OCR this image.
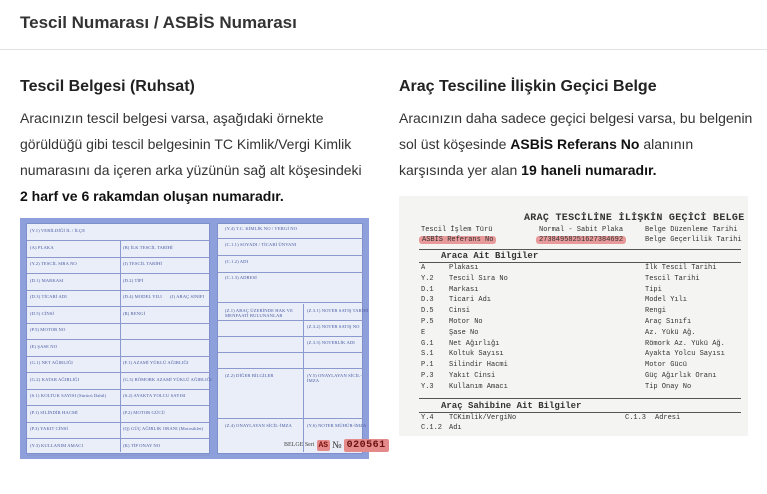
Tescil Numarası / ASBİS Numarası
Tescil Belgesi (Ruhsat)

Aracınızın tescil belgesi varsa, aşağıdaki örnekte
görüldüğü gibi tescil belgesinin TC Kimlik/Vergi Kimlik
numarasını da içeren arka yüzünün sağ alt köşesindeki
2 harf ve 6 rakamdan oluşan numaradır.

(Y.1) VERİLDİĞİ İL / İLÇE
(A) PLAKA	(B) İLK TESCİL TARİHİ
(Y.2) TESCİL SIRA NO	(I) TESCİL TARİHİ
(D.1) MARKASI	(D.2) TİPİ
(D.3) TİCARİ ADI	(D.4) MODEL YILI (J) ARAÇ SINIFI
(D.5) CİNSİ	(R) RENGİ
(P.5) MOTOR NO
(E) ŞASE NO
(G.1) NET AĞIRLIĞI	(F.1) AZAMİ YÜKLÜ AĞIRLIĞI
(G.2) KATAR AĞIRLIĞI	(G.3) RÖMORK AZAMİ YÜKLÜ AĞIRLIĞI
(S.1) KOLTUK SAYISI (Sürücü Dahil)	(S.2) AYAKTA YOLCU SAYISI
(P.1) SİLİNDİR HACMİ	(P.2) MOTOR GÜCÜ
(P.3) YAKIT CİNSİ	(Q) GÜÇ AĞIRLIK ORANI (Motosiklet)
(Y.3) KULLANIM AMACI	(K) TİP ONAY NO
(Y.4) T.C. KİMLİK NO / VERGİ NO
(C.1.1) SOYADI / TİCARİ ÜNVANI
(C.1.2) ADI
(C.1.3) ADRESİ
(Z.1) ARAÇ ÜZERİNDE HAK VE MENFAATİ BULUNANLAR
(Z.3.1) NOTER SATIŞ TARİHİ
(Z.3.2) NOTER SATIŞ NO
(Z.3.3) NOTERLİK ADI
(Z.2) DİĞER BİLGİLER
(Z.4) ONAYLAYAN SİCİL-İMZA
(Y.5) ONAYLAYAN SİCİL-İMZA
(Y.6) NOTER MÜHÜR-İMZA
BELGE Seri AS № 020561
Araç Tesciline İlişkin Geçici Belge

Aracınızın daha sadece geçici belgesi varsa, bu belgenin
sol üst köşesinde ASBİS Referans No alanının
karşısında yer alan 19 haneli numaradır.

ARAÇ TESCİLİNE İLİŞKİN GEÇİCİ BELGE
Tescil İşlem Türü	Normal - Sabit Plaka	Belge Düzenleme Tarihi
ASBİS Referans No	27384958251627384692	Belge Geçerlilik Tarihi
Araca Ait Bilgiler
A	Plakası	İlk Tescil Tarihi
Y.2 Tescil Sıra No	Tescil Tarihi
D.1 Markası	Tipi
D.3 Ticari Adı	Model Yılı
D.5 Cinsi	Rengi
P.5 Motor No	Araç Sınıfı
E	Şase No	Az. Yükü Ağ.
G.1 Net Ağırlığı	Römork Az. Yükü Ağ.
S.1 Koltuk Sayısı	Ayakta Yolcu Sayısı
P.1 Silindir Hacmi	Motor Gücü
P.3 Yakıt Cinsi	Güç Ağırlık Oranı
Y.3 Kullanım Amacı	Tip Onay No
Araç Sahibine Ait Bilgiler
Y.4 TCKimlik/VergiNo	C.1.3 Adresi
C.1.2 Adı
